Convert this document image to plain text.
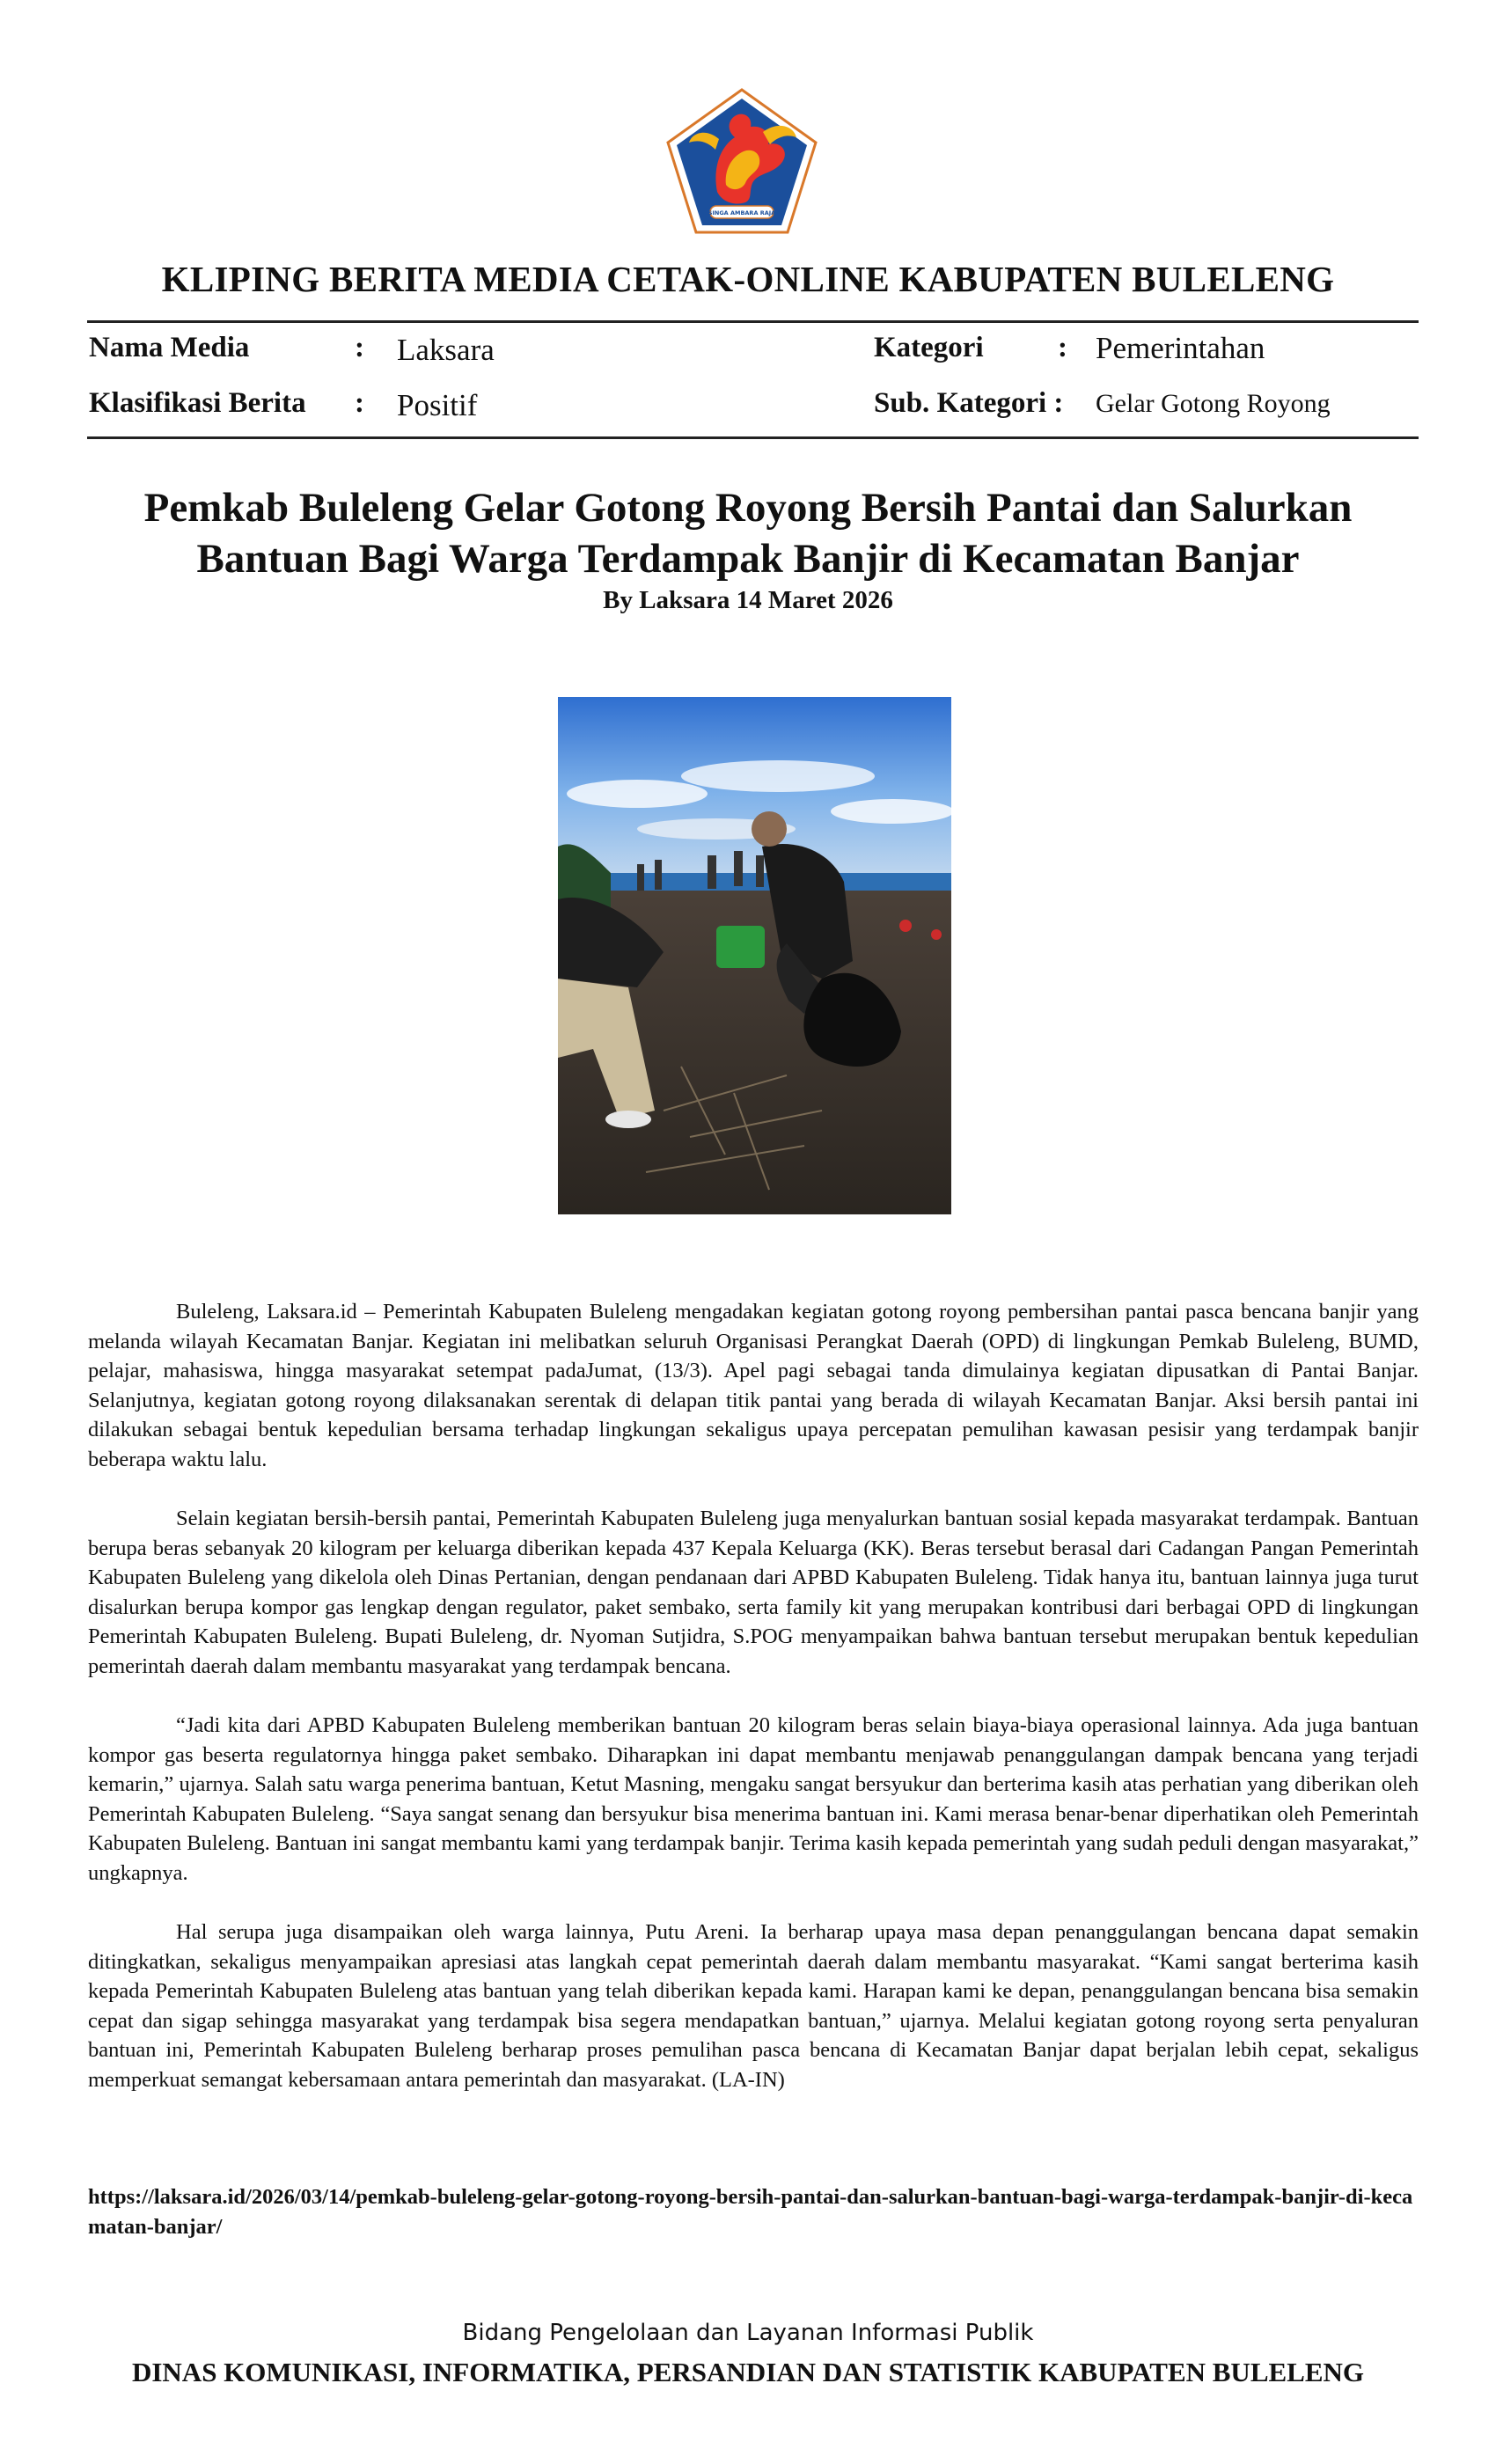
SINGA AMBARA RAJA
KLIPING BERITA MEDIA CETAK-ONLINE KABUPATEN BULELENG
Nama Media	: Laksara	Kategori	: Pemerintahan
Klasifikasi Berita : Positif	Sub. Kategori : Gelar Gotong Royong
Pemkab Buleleng Gelar Gotong Royong Bersih Pantai dan Salurkan
Bantuan Bagi Warga Terdampak Banjir di Kecamatan Banjar
By Laksara 14 Maret 2026

Buleleng, Laksara.id – Pemerintah Kabupaten Buleleng mengadakan kegiatan gotong royong pembersihan pantai pasca bencana banjir yang melanda wilayah Kecamatan Banjar. Kegiatan ini melibatkan seluruh Organisasi Perangkat Daerah (OPD) di lingkungan Pemkab Buleleng, BUMD, pelajar, mahasiswa, hingga masyarakat setempat padaJumat, (13/3). Apel pagi sebagai tanda dimulainya kegiatan dipusatkan di Pantai Banjar. Selanjutnya, kegiatan gotong royong dilaksanakan serentak di delapan titik pantai yang berada di wilayah Kecamatan Banjar. Aksi bersih pantai ini dilakukan sebagai bentuk kepedulian bersama terhadap lingkungan sekaligus upaya percepatan pemulihan kawasan pesisir yang terdampak banjir beberapa waktu lalu.

Selain kegiatan bersih-bersih pantai, Pemerintah Kabupaten Buleleng juga menyalurkan bantuan sosial kepada masyarakat terdampak. Bantuan berupa beras sebanyak 20 kilogram per keluarga diberikan kepada 437 Kepala Keluarga (KK). Beras tersebut berasal dari Cadangan Pangan Pemerintah Kabupaten Buleleng yang dikelola oleh Dinas Pertanian, dengan pendanaan dari APBD Kabupaten Buleleng. Tidak hanya itu, bantuan lainnya juga turut disalurkan berupa kompor gas lengkap dengan regulator, paket sembako, serta family kit yang merupakan kontribusi dari berbagai OPD di lingkungan Pemerintah Kabupaten Buleleng. Bupati Buleleng, dr. Nyoman Sutjidra, S.POG menyampaikan bahwa bantuan tersebut merupakan bentuk kepedulian pemerintah daerah dalam membantu masyarakat yang terdampak bencana.

“Jadi kita dari APBD Kabupaten Buleleng memberikan bantuan 20 kilogram beras selain biaya-biaya operasional lainnya. Ada juga bantuan kompor gas beserta regulatornya hingga paket sembako. Diharapkan ini dapat membantu menjawab penanggulangan dampak bencana yang terjadi kemarin,” ujarnya. Salah satu warga penerima bantuan, Ketut Masning, mengaku sangat bersyukur dan berterima kasih atas perhatian yang diberikan oleh Pemerintah Kabupaten Buleleng. “Saya sangat senang dan bersyukur bisa menerima bantuan ini. Kami merasa benar-benar diperhatikan oleh Pemerintah Kabupaten Buleleng. Bantuan ini sangat membantu kami yang terdampak banjir. Terima kasih kepada pemerintah yang sudah peduli dengan masyarakat,” ungkapnya.

Hal serupa juga disampaikan oleh warga lainnya, Putu Areni. Ia berharap upaya masa depan penanggulangan bencana dapat semakin ditingkatkan, sekaligus menyampaikan apresiasi atas langkah cepat pemerintah daerah dalam membantu masyarakat. “Kami sangat berterima kasih kepada Pemerintah Kabupaten Buleleng atas bantuan yang telah diberikan kepada kami. Harapan kami ke depan, penanggulangan bencana bisa semakin cepat dan sigap sehingga masyarakat yang terdampak bisa segera mendapatkan bantuan,” ujarnya. Melalui kegiatan gotong royong serta penyaluran bantuan ini, Pemerintah Kabupaten Buleleng berharap proses pemulihan pasca bencana di Kecamatan Banjar dapat berjalan lebih cepat, sekaligus memperkuat semangat kebersamaan antara pemerintah dan masyarakat. (LA-IN)

https://laksara.id/2026/03/14/pemkab-buleleng-gelar-gotong-royong-bersih-pantai-dan-salurkan-bantuan-bagi-warga-terdampak-banjir-di-kecamatan-banjar/
Bidang Pengelolaan dan Layanan Informasi Publik
DINAS KOMUNIKASI, INFORMATIKA, PERSANDIAN DAN STATISTIK KABUPATEN BULELENG
